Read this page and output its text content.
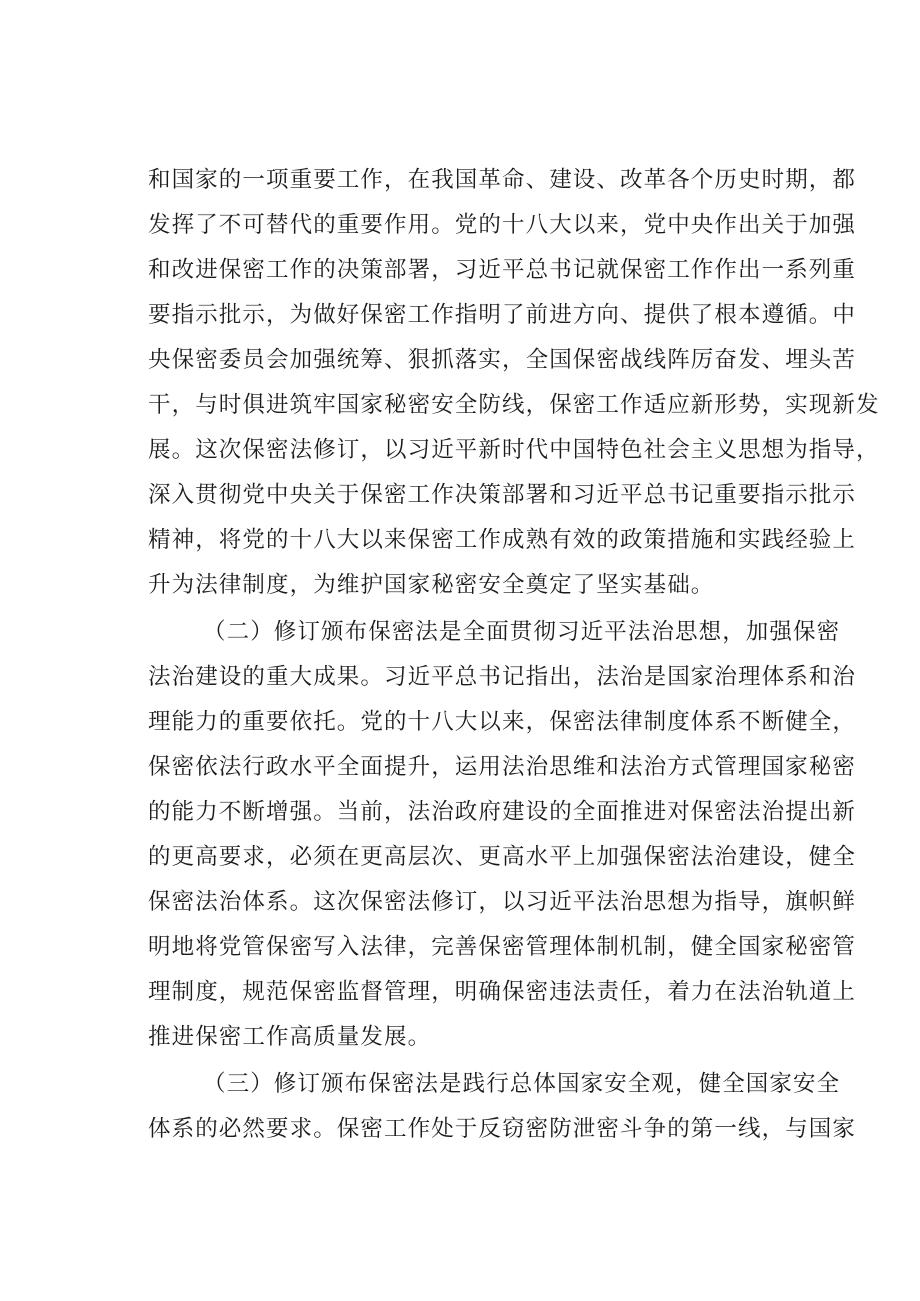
和国家的一项重要工作，在我国革命、建设、改革各个历史时期，都
发挥了不可替代的重要作用。党的十八大以来，党中央作出关于加强
和改进保密工作的决策部署，习近平总书记就保密工作作出一系列重
要指示批示，为做好保密工作指明了前进方向、提供了根本遵循。中
央保密委员会加强统筹、狠抓落实，全国保密战线阵厉奋发、埋头苦
干，与时俱进筑牢国家秘密安全防线，保密工作适应新形势，实现新发
展。这次保密法修订，以习近平新时代中国特色社会主义思想为指导，
深入贯彻党中央关于保密工作决策部署和习近平总书记重要指示批示
精神，将党的十八大以来保密工作成熟有效的政策措施和实践经验上
升为法律制度，为维护国家秘密安全奠定了坚实基础。
（二）修订颁布保密法是全面贯彻习近平法治思想，加强保密
法治建设的重大成果。习近平总书记指出，法治是国家治理体系和治
理能力的重要依托。党的十八大以来，保密法律制度体系不断健全，
保密依法行政水平全面提升，运用法治思维和法治方式管理国家秘密
的能力不断增强。当前，法治政府建设的全面推进对保密法治提出新
的更高要求，必须在更高层次、更高水平上加强保密法治建设，健全
保密法治体系。这次保密法修订，以习近平法治思想为指导，旗帜鲜
明地将党管保密写入法律，完善保密管理体制机制，健全国家秘密管
理制度，规范保密监督管理，明确保密违法责任，着力在法治轨道上
推进保密工作高质量发展。
（三）修订颁布保密法是践行总体国家安全观，健全国家安全
体系的必然要求。保密工作处于反窃密防泄密斗争的第一线，与国家
